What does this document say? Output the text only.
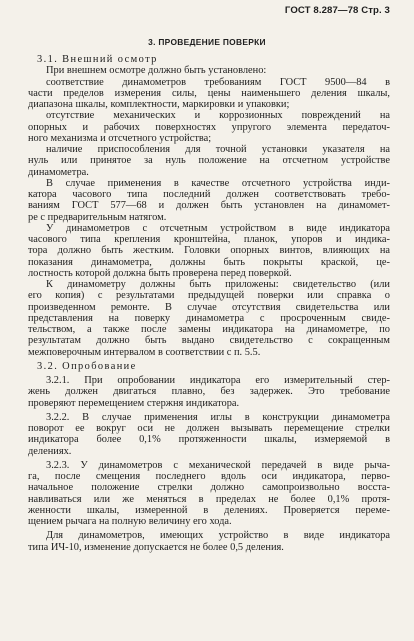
ГОСТ 8.287—78 Стр. 3
3. ПРОВЕДЕНИЕ ПОВЕРКИ
3.1. Внешний осмотр
При внешнем осмотре должно быть установлено:
соответствие динамометров требованиям ГОСТ 9500—84 в
части пределов измерения силы, цены наименьшего деления шкалы,
диапазона шкалы, комплектности, маркировки и упаковки;
отсутствие механических и коррозионных повреждений на
опорных и рабочих поверхностях упругого элемента передаточ-
ного механизма и отсчетного устройства;
наличие приспособления для точной установки указателя на
нуль или принятое за нуль положение на отсчетном устройстве
динамометра.
В случае применения в качестве отсчетного устройства инди-
катора часового типа последний должен соответствовать требо-
ваниям ГОСТ 577—68 и должен быть установлен на динамомет-
ре с предварительным натягом.
У динамометров с отсчетным устройством в виде индикатора
часового типа крепления кронштейна, планок, упоров и индика-
тора должно быть жестким. Головки опорных винтов, влияющих на
показания динамометра, должны быть покрыты краской, це-
лостность которой должна быть проверена перед поверкой.
К динамометру должны быть приложены: свидетельство (или
его копия) с результатами предыдущей поверки или справка о
произведенном ремонте. В случае отсутствия свидетельства или
представления на поверку динамометра с просроченным свиде-
тельством, а также после замены индикатора на динамометре, по
результатам должно быть выдано свидетельство с сокращенным
межповерочным интервалом в соответствии с п. 5.5.
3.2. Опробование
3.2.1. При опробовании индикатора его измерительный стер-
жень должен двигаться плавно, без задержек. Это требование
проверяют перемещением стержня индикатора.
3.2.2. В случае применения иглы в конструкции динамометра
поворот ее вокруг оси не должен вызывать перемещение стрелки
индикатора более 0,1% протяженности шкалы, измеряемой в
делениях.
3.2.3. У динамометров с механической передачей в виде рыча-
га, после смещения последнего вдоль оси индикатора, перво-
начальное положение стрелки должно самопроизвольно восста-
навливаться или же меняться в пределах не более 0,1% протя-
женности шкалы, измеренной в делениях. Проверяется переме-
щением рычага на полную величину его хода.
Для динамометров, имеющих устройство в виде индикатора
типа ИЧ-10, изменение допускается не более 0,5 деления.
